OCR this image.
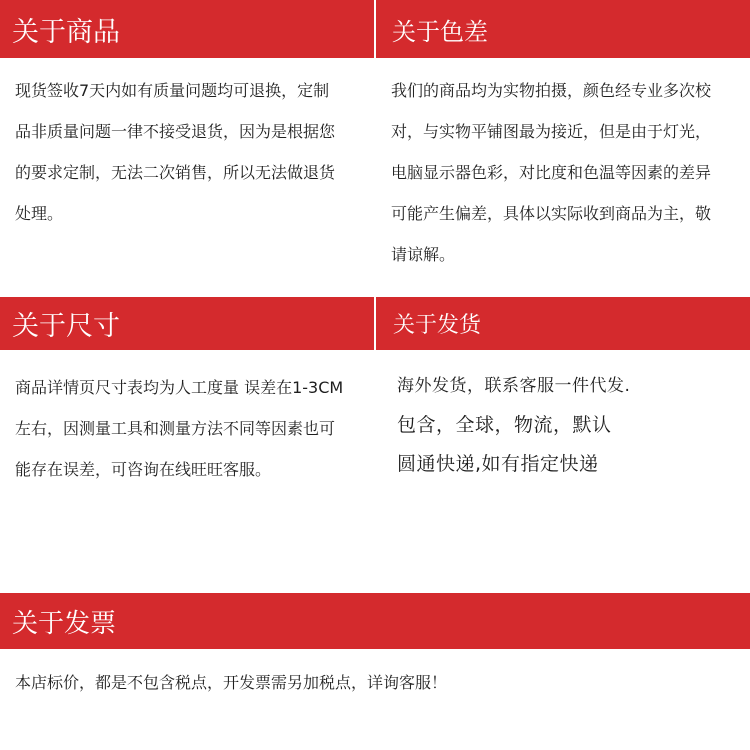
关于商品	关于色差
现货签收7天内如有质量问题均可退换，定制
品非质量问题一律不接受退货，因为是根据您
的要求定制，无法二次销售，所以无法做退货
处理。
我们的商品均为实物拍摄，颜色经专业多次校
对，与实物平铺图最为接近，但是由于灯光，
电脑显示器色彩，对比度和色温等因素的差异
可能产生偏差，具体以实际收到商品为主，敬
请谅解。
关于尺寸	关于发货
商品详情页尺寸表均为人工度量 误差在1-3CM
左右，因测量工具和测量方法不同等因素也可
能存在误差，可咨询在线旺旺客服。
海外发货，联系客服一件代发.
包含，全球，物流，默认
圆通快递,如有指定快递
关于发票
本店标价，都是不包含税点，开发票需另加税点，详询客服！
